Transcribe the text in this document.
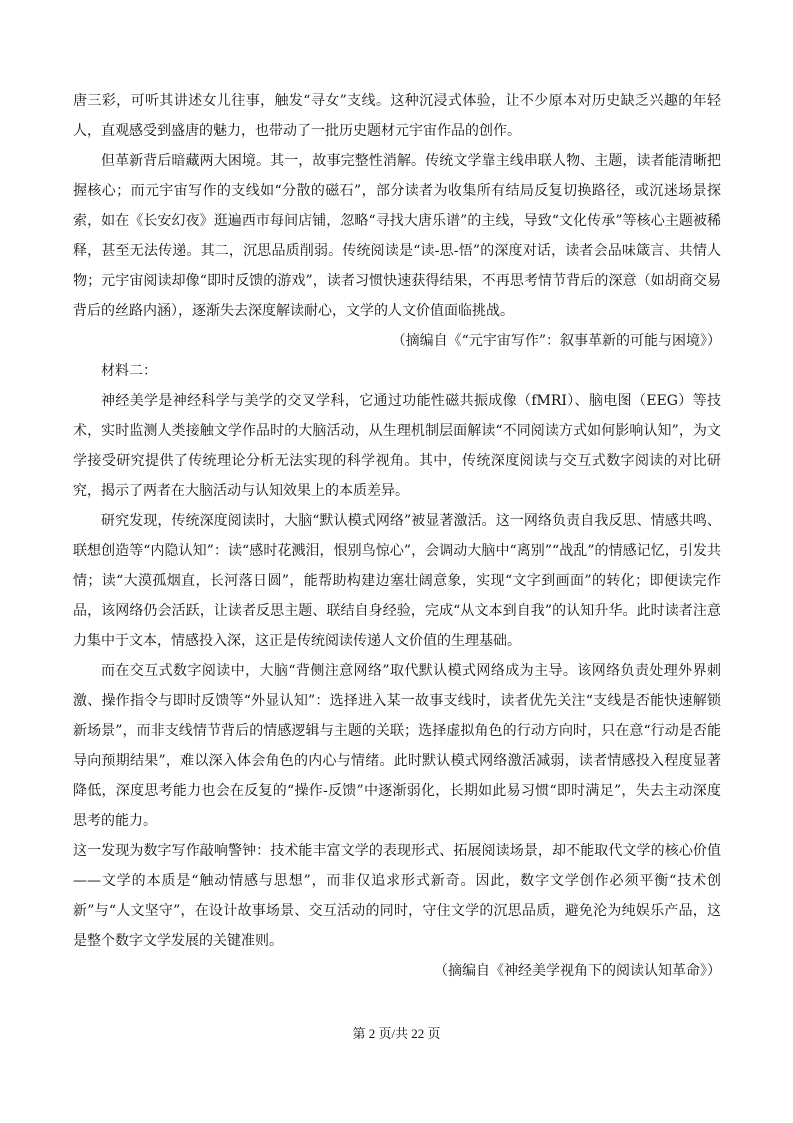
唐三彩，可听其讲述女儿往事，触发“寻女”支线。这种沉浸式体验，让不少原本对历史缺乏兴趣的年轻人，直观感受到盛唐的魅力，也带动了一批历史题材元宇宙作品的创作。

但革新背后暗藏两大困境。其一，故事完整性消解。传统文学靠主线串联人物、主题，读者能清晰把握核心；而元宇宙写作的支线如“分散的磁石”，部分读者为收集所有结局反复切换路径，或沉迷场景探索，如在《长安幻夜》逛遍西市每间店铺，忽略“寻找大唐乐谱”的主线，导致“文化传承”等核心主题被稀释，甚至无法传递。其二，沉思品质削弱。传统阅读是“读-思-悟”的深度对话，读者会品味箴言、共情人物；元宇宙阅读却像“即时反馈的游戏”，读者习惯快速获得结果，不再思考情节背后的深意（如胡商交易背后的丝路内涵），逐渐失去深度解读耐心，文学的人文价值面临挑战。

（摘编自《“元宇宙写作”：叙事革新的可能与困境》）

材料二：

神经美学是神经科学与美学的交叉学科，它通过功能性磁共振成像（fMRI）、脑电图（EEG）等技术，实时监测人类接触文学作品时的大脑活动，从生理机制层面解读“不同阅读方式如何影响认知”，为文学接受研究提供了传统理论分析无法实现的科学视角。其中，传统深度阅读与交互式数字阅读的对比研究，揭示了两者在大脑活动与认知效果上的本质差异。

研究发现，传统深度阅读时，大脑“默认模式网络”被显著激活。这一网络负责自我反思、情感共鸣、联想创造等“内隐认知”：读“感时花溅泪，恨别鸟惊心”，会调动大脑中“离别”“战乱”的情感记忆，引发共情；读“大漠孤烟直，长河落日圆”，能帮助构建边塞壮阔意象，实现“文字到画面”的转化；即便读完作品，该网络仍会活跃，让读者反思主题、联结自身经验，完成“从文本到自我”的认知升华。此时读者注意力集中于文本，情感投入深，这正是传统阅读传递人文价值的生理基础。

而在交互式数字阅读中，大脑“背侧注意网络”取代默认模式网络成为主导。该网络负责处理外界刺激、操作指令与即时反馈等“外显认知”：选择进入某一故事支线时，读者优先关注“支线是否能快速解锁新场景”，而非支线情节背后的情感逻辑与主题的关联；选择虚拟角色的行动方向时，只在意“行动是否能导向预期结果”，难以深入体会角色的内心与情绪。此时默认模式网络激活减弱，读者情感投入程度显著降低，深度思考能力也会在反复的“操作-反馈”中逐渐弱化，长期如此易习惯“即时满足”，失去主动深度思考的能力。

这一发现为数字写作敲响警钟：技术能丰富文学的表现形式、拓展阅读场景，却不能取代文学的核心价值——文学的本质是“触动情感与思想”，而非仅追求形式新奇。因此，数字文学创作必须平衡“技术创新”与“人文坚守”，在设计故事场景、交互活动的同时，守住文学的沉思品质，避免沦为纯娱乐产品，这是整个数字文学发展的关键准则。

（摘编自《神经美学视角下的阅读认知革命》）

第 2 页/共 22 页
